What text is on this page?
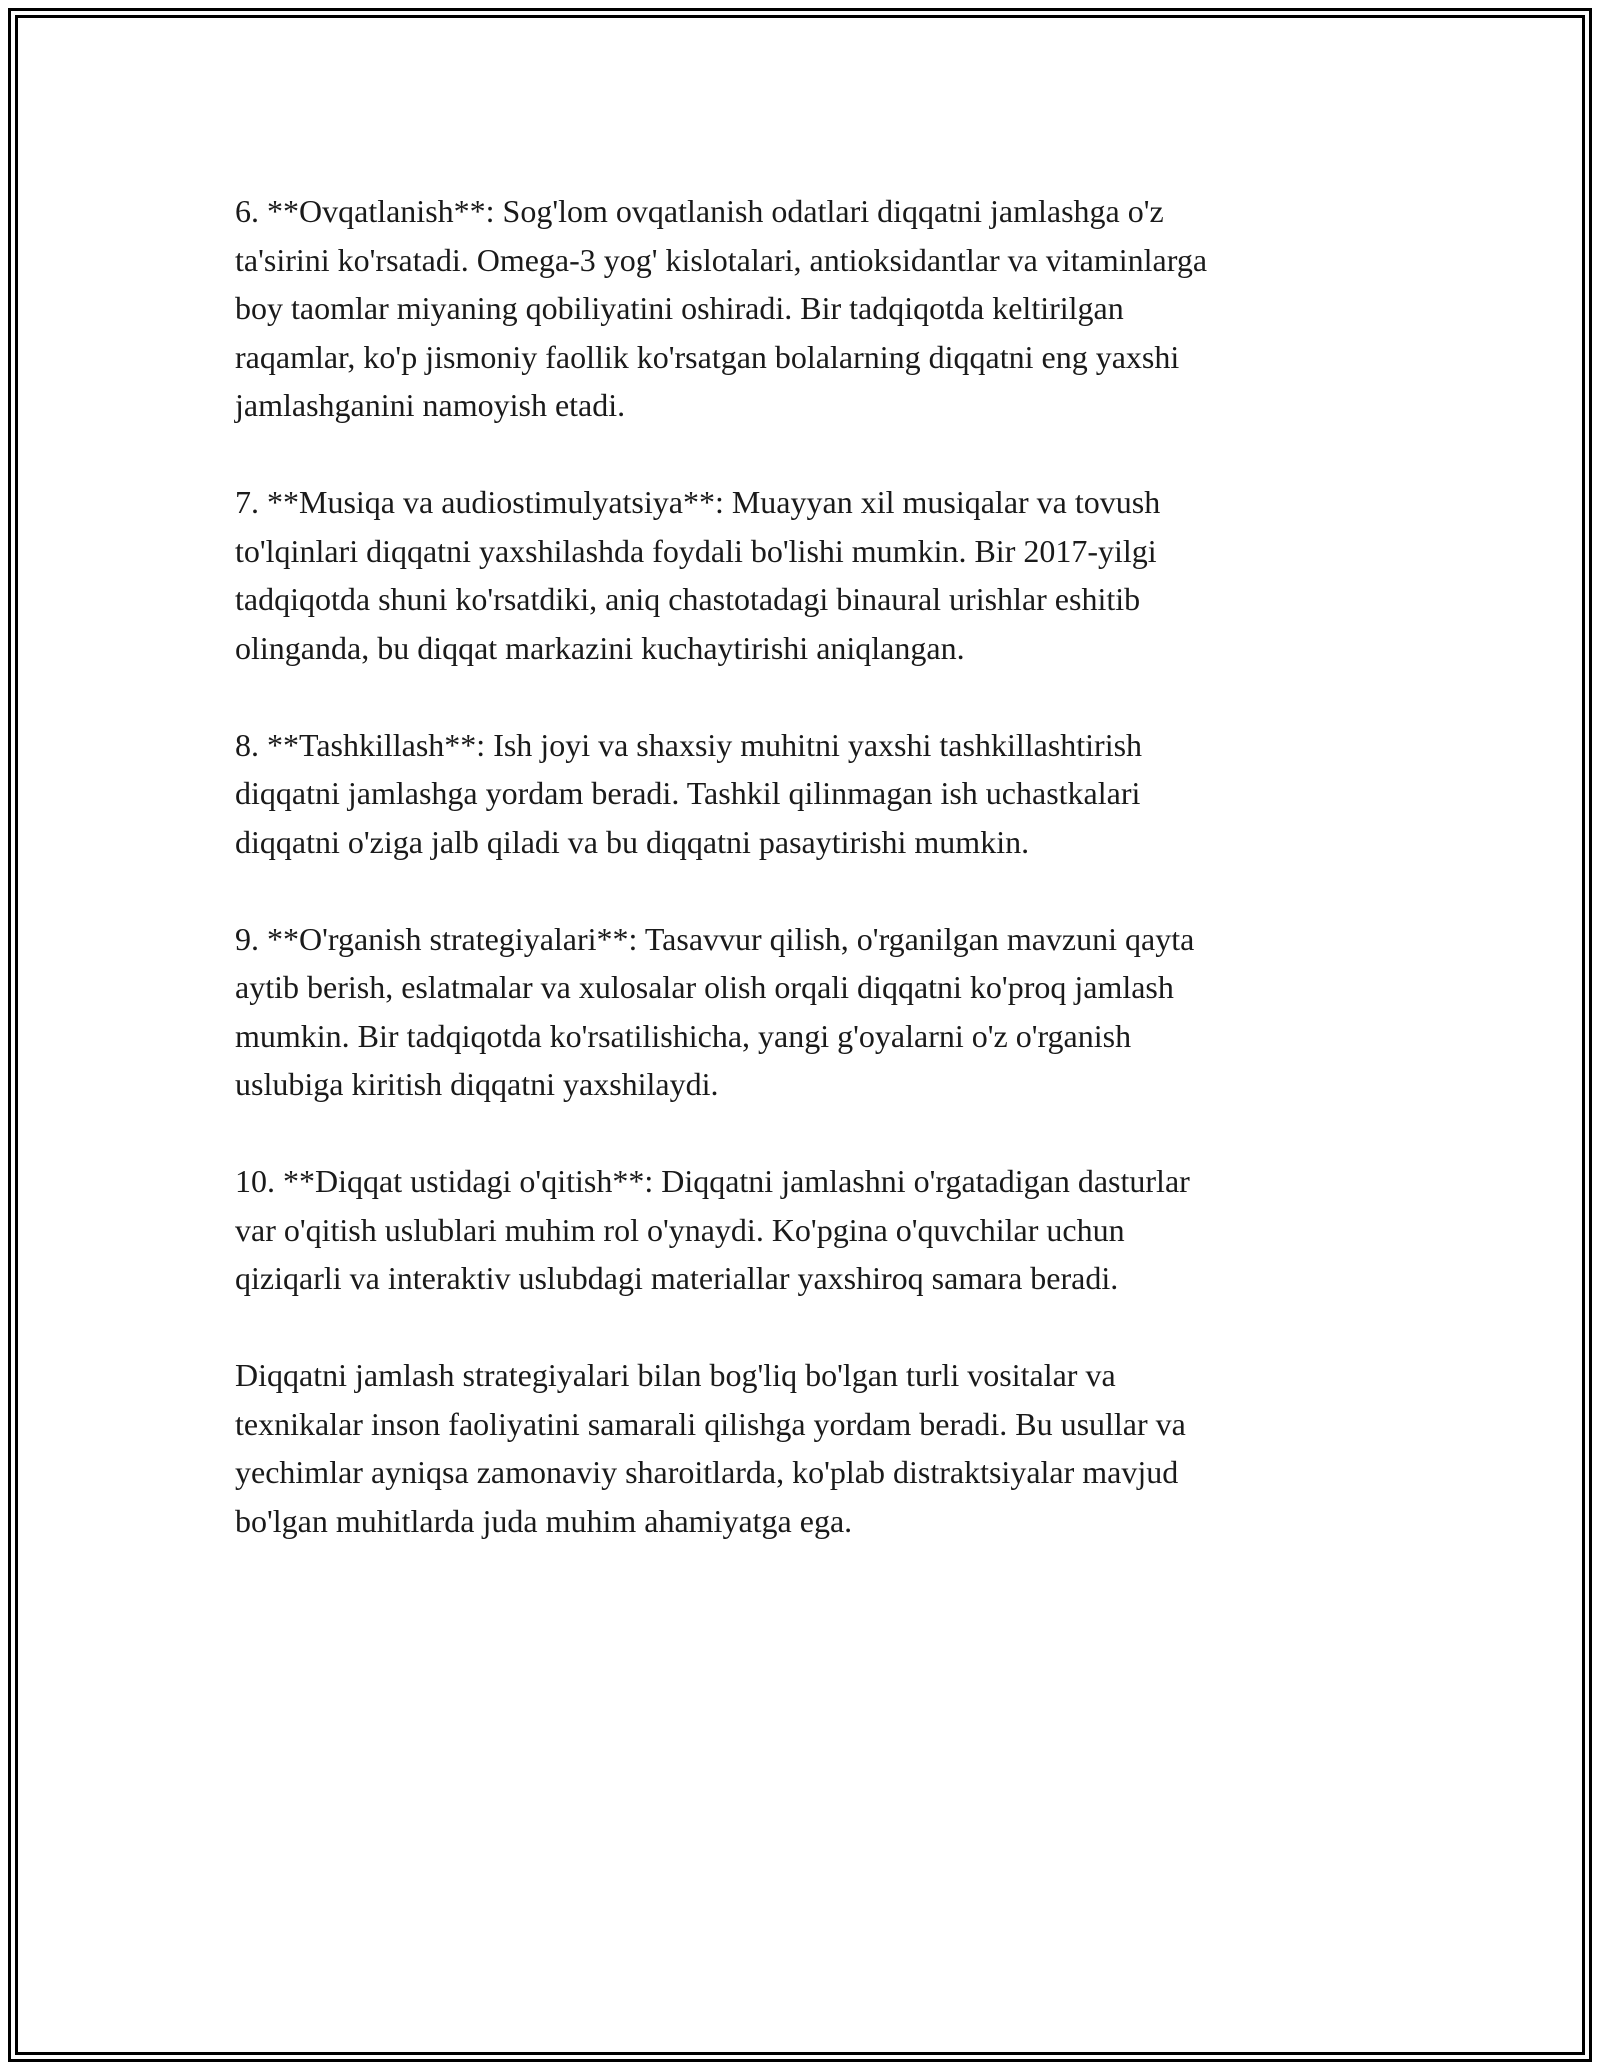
6. **Ovqatlanish**: Sog'lom ovqatlanish odatlari diqqatni jamlashga o'z
ta'sirini ko'rsatadi. Omega-3 yog' kislotalari, antioksidantlar va vitaminlarga
boy taomlar miyaning qobiliyatini oshiradi. Bir tadqiqotda keltirilgan
raqamlar, ko'p jismoniy faollik ko'rsatgan bolalarning diqqatni eng yaxshi
jamlashganini namoyish etadi.

7. **Musiqa va audiostimulyatsiya**: Muayyan xil musiqalar va tovush
to'lqinlari diqqatni yaxshilashda foydali bo'lishi mumkin. Bir 2017-yilgi
tadqiqotda shuni ko'rsatdiki, aniq chastotadagi binaural urishlar eshitib
olinganda, bu diqqat markazini kuchaytirishi aniqlangan.

8. **Tashkillash**: Ish joyi va shaxsiy muhitni yaxshi tashkillashtirish
diqqatni jamlashga yordam beradi. Tashkil qilinmagan ish uchastkalari
diqqatni o'ziga jalb qiladi va bu diqqatni pasaytirishi mumkin.

9. **O'rganish strategiyalari**: Tasavvur qilish, o'rganilgan mavzuni qayta
aytib berish, eslatmalar va xulosalar olish orqali diqqatni ko'proq jamlash
mumkin. Bir tadqiqotda ko'rsatilishicha, yangi g'oyalarni o'z o'rganish
uslubiga kiritish diqqatni yaxshilaydi.

10. **Diqqat ustidagi o'qitish**: Diqqatni jamlashni o'rgatadigan dasturlar
var o'qitish uslublari muhim rol o'ynaydi. Ko'pgina o'quvchilar uchun
qiziqarli va interaktiv uslubdagi materiallar yaxshiroq samara beradi.

Diqqatni jamlash strategiyalari bilan bog'liq bo'lgan turli vositalar va
texnikalar inson faoliyatini samarali qilishga yordam beradi. Bu usullar va
yechimlar ayniqsa zamonaviy sharoitlarda, ko'plab distraktsiyalar mavjud
bo'lgan muhitlarda juda muhim ahamiyatga ega.
